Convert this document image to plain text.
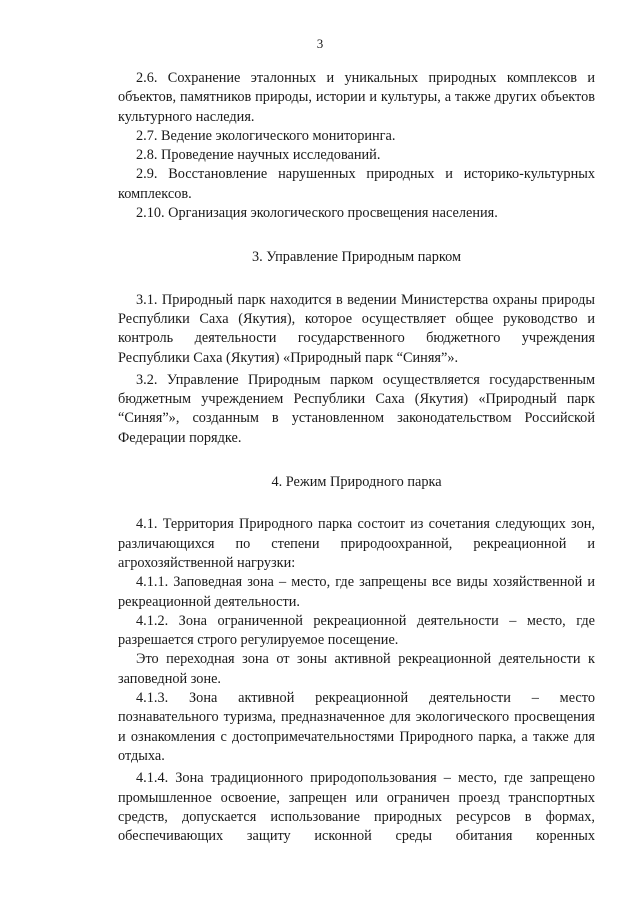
3

2.6. Сохранение эталонных и уникальных природных комплексов и объектов, памятников природы, истории и культуры, а также других объектов культурного наследия.

2.7. Ведение экологического мониторинга.

2.8. Проведение научных исследований.

2.9. Восстановление нарушенных природных и историко-культурных комплексов.

2.10. Организация экологического просвещения населения.

3. Управление Природным парком

3.1. Природный парк находится в ведении Министерства охраны природы Республики Саха (Якутия), которое осуществляет общее руководство и контроль деятельности государственного бюджетного учреждения Республики Саха (Якутия) «Природный парк “Синяя”».

3.2. Управление Природным парком осуществляется государственным бюджетным учреждением Республики Саха (Якутия) «Природный парк “Синяя”», созданным в установленном законодательством Российской Федерации порядке.

4. Режим Природного парка

4.1. Территория Природного парка состоит из сочетания следующих зон, различающихся по степени природоохранной, рекреационной и агрохозяйственной нагрузки:

4.1.1. Заповедная зона – место, где запрещены все виды хозяйственной и рекреационной деятельности.

4.1.2. Зона ограниченной рекреационной деятельности – место, где разрешается строго регулируемое посещение.

Это переходная зона от зоны активной рекреационной деятельности к заповедной зоне.

4.1.3. Зона активной рекреационной деятельности – место познавательного туризма, предназначенное для экологического просвещения и ознакомления с достопримечательностями Природного парка, а также для отдыха.

4.1.4. Зона традиционного природопользования – место, где запрещено промышленное освоение, запрещен или ограничен проезд транспортных средств, допускается использование природных ресурсов в формах, обеспечивающих защиту исконной среды обитания коренных
